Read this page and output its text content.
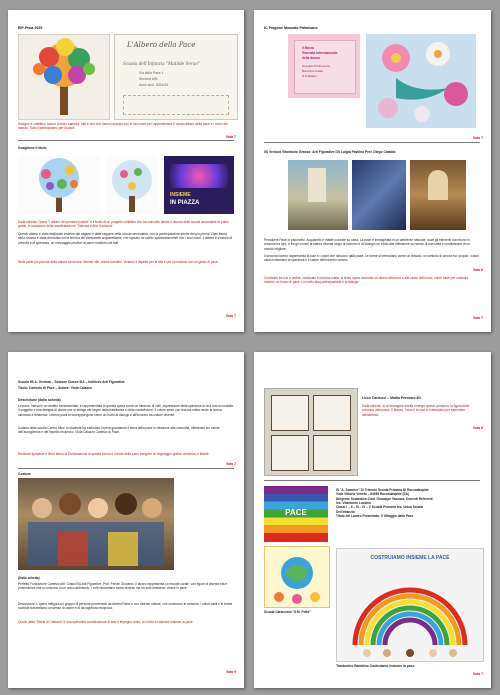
EIP-Pisla 2025
L'Albero della Pace
Scuola dell'Infanzia "Matilde Serao"
Via della Pace 1
Sezione A/B
Anno scol. 2024/25

Disegno e collettivo: lavoro di tutti i bambini: tutti e due che hanno lavorato con le loro mani per rappresentare il nostro albero della pace e i colori del mondo. Tutti ci partecipiamo per la pace.

Voto 7
Guaglione il titolo
INSIEME
IN PIAZZA

Dalla scheda: Opera "L'albero dei pensieri positivi" è il frutto di un progetto collettivo che ha coinvolto alunni e alunne delle scuole secondarie di primo grado, in occasione della manifestazione "Scienza e Arte in piazza".

Questo albero è stato realizzato insieme dai ragazzi e dalle ragazze della scuola secondaria, con la partecipazione anche dei più piccoli. Ogni forma nella chioma è stata decorata con la tecnica del pennarello acquerellabile, che ognuno ha scelto spontaneamente con i suoi colori. L'albero è simbolo di crescita e di speranza, un messaggio positivo di pace condiviso da tutti.

Nella parte più piccola della natura convivono diverse vite, anche bambini. Viviamo il rispetto per la vita e per il prossimo con un gesto di pace.

Voto 7
IC Pragone Moscato Palmisano
II Marzo
Giornata Internazionale
della donna
Orgoglio Professione
Bambina Grade
di Palidano
Voto 7
IIS Ventura Vitantonio Grasso: Arti Figurative DS Luigia Pavilina Prof. Diego Cataldo

Perdoliere Pace in pacchetto. Acquarello e matite colorate su carta. La pace è immaginata in un ambiente naturale, dove gli elementi convivono in armonia tra loro, e tra gli uomini la natura diventa luogo di incontro e di dialogo; un invito alla riflessione sul senso di comunità e condivisione di un mondo migliore.

Il secondo lavoro rappresenta la luce e i colori che nascono dalla pace. Le forme si intrecciano come un tessuto, un simbolo di unione tra i popoli; i colori caldi richiamano la speranza e il calore dell'incontro umano.

Voto 8

Contrasto tra luci e ombre, realizzato in tecnica mista: la terza opera racconta un ritorno alla terra e alle radici dell'uomo, come base per costruire insieme un futuro di pace. Un invito alla partecipazione e al dialogo.

Voto 7
Scuola IIS A. Ventura – Sezione Classe IIIA – Indirizzo Arti Figurative
Titolo: Cartesio di Pace – Autore: Viola Caiazzo
Descrizione (dalla scheda)

La pace, intesa in un ambito fondamentale, è rappresentata in questa opera come un intreccio di volti, espressione della speranza di una nuova umanità. Il soggetto e una famiglia di donne che si stringe nel segno della fratellanza e della condivisione. Il colore steso con tecnica mista rende la scena luminosa e dinamica: i diversi piani si sovrappongono come un invito al dialogo e all'incontro tra culture diverse.

Collana della scuola Centro Altro: lo studente ha elaborato l'opera guardando il tema della pace in relazione alla comunità, riflettendo sul valore dell'accoglienza e del rispetto reciproco. Viola Caiazzo Cartesio di Pace.

Dedicare tipicature e liberi fanno la Dichiarazione di questa scena e il tema della pace eseguire un linguaggio grafico armonico e fedele.

Voto 7
Costure
(Dalla scheda)

Perfetto Fondazione Cartesio Arti: Classi IIIA Arti Figurative. Prof. Ferrari Giovanni. Il lavoro rappresenta un murale corale, con figure di diverse età e provenienze che si uniscono in un unico abbraccio. I volti raccontano storie diverse ma un solo desiderio: vivere in pace.

Descrizione: L'opera raffigura un gruppo di persone provenienti da diversi Paesi e con diverse culture, che convivono in armonia. I colori caldi e le forme morbide trasmettono un senso di calore e di accoglienza reciproca.

Quello della "Storia di Oristano" è una splendida combinazione di arte e impegno civile, un invito a costruire insieme la pace.

Voto 9
Liceo Carducci – Mattia Pecoraro IID

Dalla scheda: di un'immagine diretta emerge questo pensiero: la figura della colomba della pace. Il bianco, l'ocra e la luce si intrecciano per esprimere delicatezza.

Voto 8
PACE
IS "A. Sommer" Di Triennio Scuola Primaria Di Roccadaspide
Viale Vittorio Veneto – 84069 Roccadaspide (SA)
Dirigente Scolastica: Dott. Giuseppe Vaccaro; Docenti Referenti
Ins. Vitantonio Luciano
Classi I – II – III – IV – V Scuola Primaria Ins. Unica Scuola
Dell'infanzia
Titolo del Lavoro Presentato: Il Villaggio della Pace
Scuola Caracciolo "S.M. Polia"
COSTRUIAMO INSIEME LA PACE
Tamburino Bambino Costruiamo insieme la pace
Voto 7
